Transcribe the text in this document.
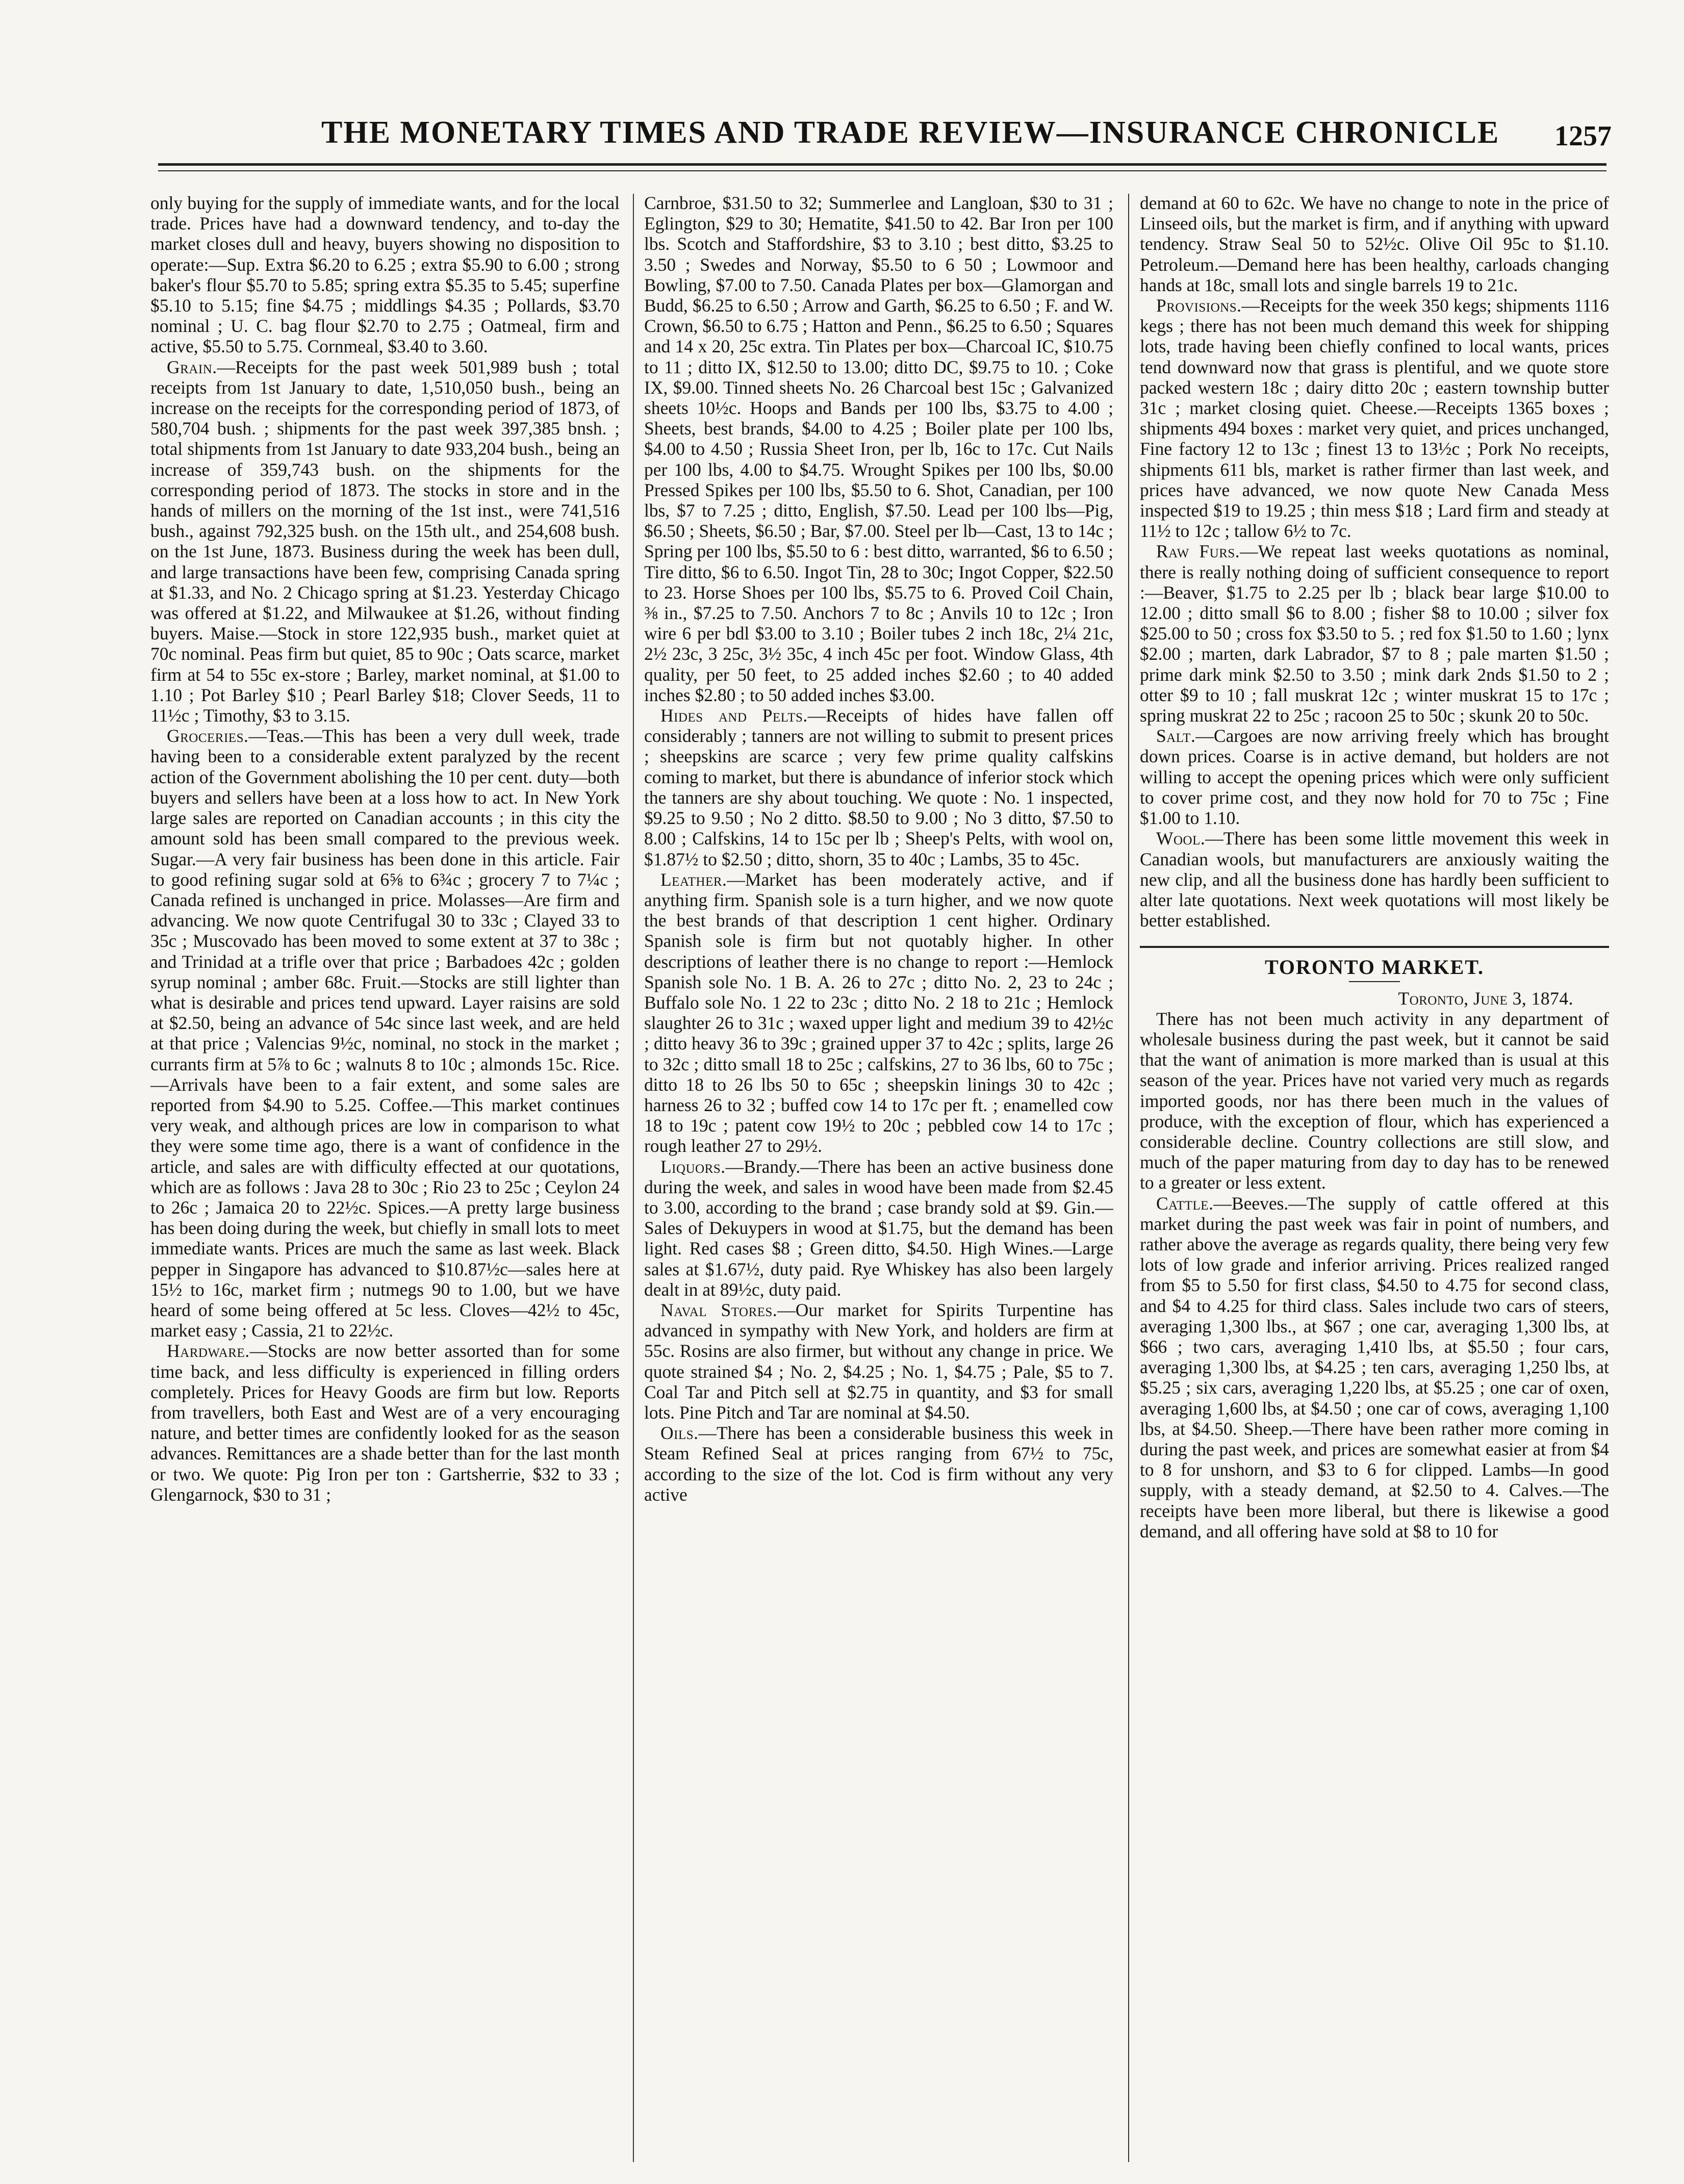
THE MONETARY TIMES AND TRADE REVIEW—INSURANCE CHRONICLE 1257

only buying for the supply of immediate wants, and for the local trade. Prices have had a downward tendency, and to-day the market closes dull and heavy, buyers showing no disposition to operate:—Sup. Extra $6.20 to 6.25 ; extra $5.90 to 6.00 ; strong baker's flour $5.70 to 5.85; spring extra $5.35 to 5.45; superfine $5.10 to 5.15; fine $4.75 ; middlings $4.35 ; Pollards, $3.70 nominal ; U. C. bag flour $2.70 to 2.75 ; Oatmeal, firm and active, $5.50 to 5.75. Cornmeal, $3.40 to 3.60.

Grain.—Receipts for the past week 501,989 bush ; total receipts from 1st January to date, 1,510,050 bush., being an increase on the receipts for the corresponding period of 1873, of 580,704 bush. ; shipments for the past week 397,385 bnsh. ; total shipments from 1st January to date 933,204 bush., being an increase of 359,743 bush. on the shipments for the corresponding period of 1873. The stocks in store and in the hands of millers on the morning of the 1st inst., were 741,516 bush., against 792,325 bush. on the 15th ult., and 254,608 bush. on the 1st June, 1873. Business during the week has been dull, and large transactions have been few, comprising Canada spring at $1.33, and No. 2 Chicago spring at $1.23. Yesterday Chicago was offered at $1.22, and Milwaukee at $1.26, without finding buyers. Maise.—Stock in store 122,935 bush., market quiet at 70c nominal. Peas firm but quiet, 85 to 90c ; Oats scarce, market firm at 54 to 55c ex-store ; Barley, market nominal, at $1.00 to 1.10 ; Pot Barley $10 ; Pearl Barley $18; Clover Seeds, 11 to 11½c ; Timothy, $3 to 3.15.

Groceries.—Teas.—This has been a very dull week, trade having been to a considerable extent paralyzed by the recent action of the Government abolishing the 10 per cent. duty—both buyers and sellers have been at a loss how to act. In New York large sales are reported on Canadian accounts ; in this city the amount sold has been small compared to the previous week. Sugar.—A very fair business has been done in this article. Fair to good refining sugar sold at 6⅝ to 6¾c ; grocery 7 to 7¼c ; Canada refined is unchanged in price. Molasses—Are firm and advancing. We now quote Centrifugal 30 to 33c ; Clayed 33 to 35c ; Muscovado has been moved to some extent at 37 to 38c ; and Trinidad at a trifle over that price ; Barbadoes 42c ; golden syrup nominal ; amber 68c. Fruit.—Stocks are still lighter than what is desirable and prices tend upward. Layer raisins are sold at $2.50, being an advance of 54c since last week, and are held at that price ; Valencias 9½c, nominal, no stock in the market ; currants firm at 5⅞ to 6c ; walnuts 8 to 10c ; almonds 15c. Rice.—Arrivals have been to a fair extent, and some sales are reported from $4.90 to 5.25. Coffee.—This market continues very weak, and although prices are low in comparison to what they were some time ago, there is a want of confidence in the article, and sales are with difficulty effected at our quotations, which are as follows : Java 28 to 30c ; Rio 23 to 25c ; Ceylon 24 to 26c ; Jamaica 20 to 22½c. Spices.—A pretty large business has been doing during the week, but chiefly in small lots to meet immediate wants. Prices are much the same as last week. Black pepper in Singapore has advanced to $10.87½c—sales here at 15½ to 16c, market firm ; nutmegs 90 to 1.00, but we have heard of some being offered at 5c less. Cloves—42½ to 45c, market easy ; Cassia, 21 to 22½c.

Hardware.—Stocks are now better assorted than for some time back, and less difficulty is experienced in filling orders completely. Prices for Heavy Goods are firm but low. Reports from travellers, both East and West are of a very encouraging nature, and better times are confidently looked for as the season advances. Remittances are a shade better than for the last month or two. We quote: Pig Iron per ton : Gartsherrie, $32 to 33 ; Glengarnock, $30 to 31 ;

Carnbroe, $31.50 to 32; Summerlee and Langloan, $30 to 31 ; Eglington, $29 to 30; Hematite, $41.50 to 42. Bar Iron per 100 lbs. Scotch and Staffordshire, $3 to 3.10 ; best ditto, $3.25 to 3.50 ; Swedes and Norway, $5.50 to 6 50 ; Lowmoor and Bowling, $7.00 to 7.50. Canada Plates per box—Glamorgan and Budd, $6.25 to 6.50 ; Arrow and Garth, $6.25 to 6.50 ; F. and W. Crown, $6.50 to 6.75 ; Hatton and Penn., $6.25 to 6.50 ; Squares and 14 x 20, 25c extra. Tin Plates per box—Charcoal IC, $10.75 to 11 ; ditto IX, $12.50 to 13.00; ditto DC, $9.75 to 10. ; Coke IX, $9.00. Tinned sheets No. 26 Charcoal best 15c ; Galvanized sheets 10½c. Hoops and Bands per 100 lbs, $3.75 to 4.00 ; Sheets, best brands, $4.00 to 4.25 ; Boiler plate per 100 lbs, $4.00 to 4.50 ; Russia Sheet Iron, per lb, 16c to 17c. Cut Nails per 100 lbs, 4.00 to $4.75. Wrought Spikes per 100 lbs, $0.00 Pressed Spikes per 100 lbs, $5.50 to 6. Shot, Canadian, per 100 lbs, $7 to 7.25 ; ditto, English, $7.50. Lead per 100 lbs—Pig, $6.50 ; Sheets, $6.50 ; Bar, $7.00. Steel per lb—Cast, 13 to 14c ; Spring per 100 lbs, $5.50 to 6 : best ditto, warranted, $6 to 6.50 ; Tire ditto, $6 to 6.50. Ingot Tin, 28 to 30c; Ingot Copper, $22.50 to 23. Horse Shoes per 100 lbs, $5.75 to 6. Proved Coil Chain, ⅜ in., $7.25 to 7.50. Anchors 7 to 8c ; Anvils 10 to 12c ; Iron wire 6 per bdl $3.00 to 3.10 ; Boiler tubes 2 inch 18c, 2¼ 21c, 2½ 23c, 3 25c, 3½ 35c, 4 inch 45c per foot. Window Glass, 4th quality, per 50 feet, to 25 added inches $2.60 ; to 40 added inches $2.80 ; to 50 added inches $3.00.

Hides and Pelts.—Receipts of hides have fallen off considerably ; tanners are not willing to submit to present prices ; sheepskins are scarce ; very few prime quality calfskins coming to market, but there is abundance of inferior stock which the tanners are shy about touching. We quote : No. 1 inspected, $9.25 to 9.50 ; No 2 ditto. $8.50 to 9.00 ; No 3 ditto, $7.50 to 8.00 ; Calfskins, 14 to 15c per lb ; Sheep's Pelts, with wool on, $1.87½ to $2.50 ; ditto, shorn, 35 to 40c ; Lambs, 35 to 45c.

Leather.—Market has been moderately active, and if anything firm. Spanish sole is a turn higher, and we now quote the best brands of that description 1 cent higher. Ordinary Spanish sole is firm but not quotably higher. In other descriptions of leather there is no change to report :—Hemlock Spanish sole No. 1 B. A. 26 to 27c ; ditto No. 2, 23 to 24c ; Buffalo sole No. 1 22 to 23c ; ditto No. 2 18 to 21c ; Hemlock slaughter 26 to 31c ; waxed upper light and medium 39 to 42½c ; ditto heavy 36 to 39c ; grained upper 37 to 42c ; splits, large 26 to 32c ; ditto small 18 to 25c ; calfskins, 27 to 36 lbs, 60 to 75c ; ditto 18 to 26 lbs 50 to 65c ; sheepskin linings 30 to 42c ; harness 26 to 32 ; buffed cow 14 to 17c per ft. ; enamelled cow 18 to 19c ; patent cow 19½ to 20c ; pebbled cow 14 to 17c ; rough leather 27 to 29½.

Liquors.—Brandy.—There has been an active business done during the week, and sales in wood have been made from $2.45 to 3.00, according to the brand ; case brandy sold at $9. Gin.—Sales of Dekuypers in wood at $1.75, but the demand has been light. Red cases $8 ; Green ditto, $4.50. High Wines.—Large sales at $1.67½, duty paid. Rye Whiskey has also been largely dealt in at 89½c, duty paid.

Naval Stores.—Our market for Spirits Turpentine has advanced in sympathy with New York, and holders are firm at 55c. Rosins are also firmer, but without any change in price. We quote strained $4 ; No. 2, $4.25 ; No. 1, $4.75 ; Pale, $5 to 7. Coal Tar and Pitch sell at $2.75 in quantity, and $3 for small lots. Pine Pitch and Tar are nominal at $4.50.

Oils.—There has been a considerable business this week in Steam Refined Seal at prices ranging from 67½ to 75c, according to the size of the lot. Cod is firm without any very active

demand at 60 to 62c. We have no change to note in the price of Linseed oils, but the market is firm, and if anything with upward tendency. Straw Seal 50 to 52½c. Olive Oil 95c to $1.10. Petroleum.—Demand here has been healthy, carloads changing hands at 18c, small lots and single barrels 19 to 21c.

Provisions.—Receipts for the week 350 kegs; shipments 1116 kegs ; there has not been much demand this week for shipping lots, trade having been chiefly confined to local wants, prices tend downward now that grass is plentiful, and we quote store packed western 18c ; dairy ditto 20c ; eastern township butter 31c ; market closing quiet. Cheese.—Receipts 1365 boxes ; shipments 494 boxes : market very quiet, and prices unchanged, Fine factory 12 to 13c ; finest 13 to 13½c ; Pork No receipts, shipments 611 bls, market is rather firmer than last week, and prices have advanced, we now quote New Canada Mess inspected $19 to 19.25 ; thin mess $18 ; Lard firm and steady at 11½ to 12c ; tallow 6½ to 7c.

Raw Furs.—We repeat last weeks quotations as nominal, there is really nothing doing of sufficient consequence to report :—Beaver, $1.75 to 2.25 per lb ; black bear large $10.00 to 12.00 ; ditto small $6 to 8.00 ; fisher $8 to 10.00 ; silver fox $25.00 to 50 ; cross fox $3.50 to 5. ; red fox $1.50 to 1.60 ; lynx $2.00 ; marten, dark Labrador, $7 to 8 ; pale marten $1.50 ; prime dark mink $2.50 to 3.50 ; mink dark 2nds $1.50 to 2 ; otter $9 to 10 ; fall muskrat 12c ; winter muskrat 15 to 17c ; spring muskrat 22 to 25c ; racoon 25 to 50c ; skunk 20 to 50c.

Salt.—Cargoes are now arriving freely which has brought down prices. Coarse is in active demand, but holders are not willing to accept the opening prices which were only sufficient to cover prime cost, and they now hold for 70 to 75c ; Fine $1.00 to 1.10.

Wool.—There has been some little movement this week in Canadian wools, but manufacturers are anxiously waiting the new clip, and all the business done has hardly been sufficient to alter late quotations. Next week quotations will most likely be better established.

TORONTO MARKET.

Toronto, June 3, 1874.

There has not been much activity in any department of wholesale business during the past week, but it cannot be said that the want of animation is more marked than is usual at this season of the year. Prices have not varied very much as regards imported goods, nor has there been much in the values of produce, with the exception of flour, which has experienced a considerable decline. Country collections are still slow, and much of the paper maturing from day to day has to be renewed to a greater or less extent.

Cattle.—Beeves.—The supply of cattle offered at this market during the past week was fair in point of numbers, and rather above the average as regards quality, there being very few lots of low grade and inferior arriving. Prices realized ranged from $5 to 5.50 for first class, $4.50 to 4.75 for second class, and $4 to 4.25 for third class. Sales include two cars of steers, averaging 1,300 lbs., at $67 ; one car, averaging 1,300 lbs, at $66 ; two cars, averaging 1,410 lbs, at $5.50 ; four cars, averaging 1,300 lbs, at $4.25 ; ten cars, averaging 1,250 lbs, at $5.25 ; six cars, averaging 1,220 lbs, at $5.25 ; one car of oxen, averaging 1,600 lbs, at $4.50 ; one car of cows, averaging 1,100 lbs, at $4.50. Sheep.—There have been rather more coming in during the past week, and prices are somewhat easier at from $4 to 8 for unshorn, and $3 to 6 for clipped. Lambs—In good supply, with a steady demand, at $2.50 to 4. Calves.—The receipts have been more liberal, but there is likewise a good demand, and all offering have sold at $8 to 10 for
